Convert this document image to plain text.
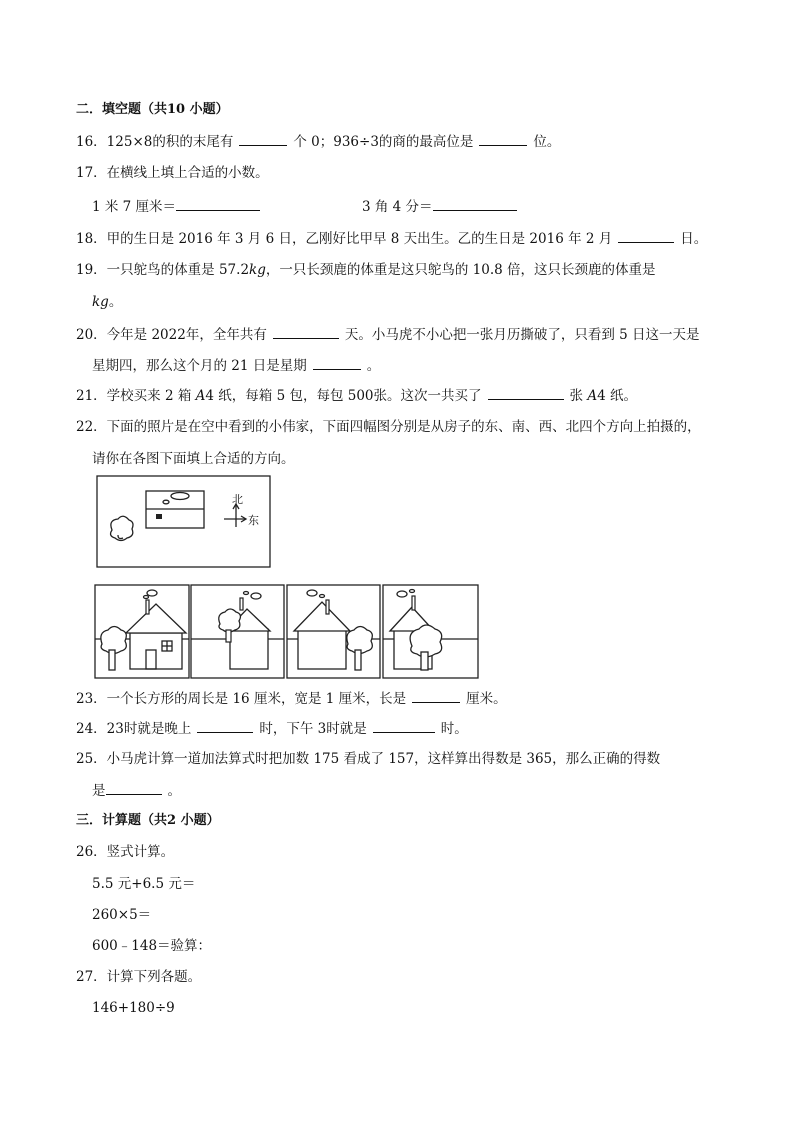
二．填空题（共10 小题）
16．125×8的积的末尾有	个 0；936÷3的商的最高位是	位。
17．在横线上填上合适的小数。
1 米 7 厘米＝	3 角 4 分＝
18．甲的生日是 2016 年 3 月 6 日，乙刚好比甲早 8 天出生。乙的生日是 2016 年 2 月	日。
19．一只鸵鸟的体重是 57.2kg，一只长颈鹿的体重是这只鸵鸟的 10.8 倍，这只长颈鹿的体重是
kg。
20．今年是 2022年，全年共有	天。小马虎不小心把一张月历撕破了，只看到 5 日这一天是
星期四，那么这个月的 21 日是星期	。
21．学校买来 2 箱 A4 纸，每箱 5 包，每包 500张。这次一共买了	张 A4 纸。
22．下面的照片是在空中看到的小伟家，下面四幅图分别是从房子的东、南、西、北四个方向上拍摄的，
请你在各图下面填上合适的方向。
北
东
23．一个长方形的周长是 16 厘米，宽是 1 厘米，长是	厘米。
24．23时就是晚上	时，下午 3时就是	时。
25．小马虎计算一道加法算式时把加数 175 看成了 157，这样算出得数是 365，那么正确的得数
是	。
三．计算题（共2 小题）
26．竖式计算。
5.5 元+6.5 元＝
260×5＝
600﹣148＝验算：
27．计算下列各题。
146+180÷9
